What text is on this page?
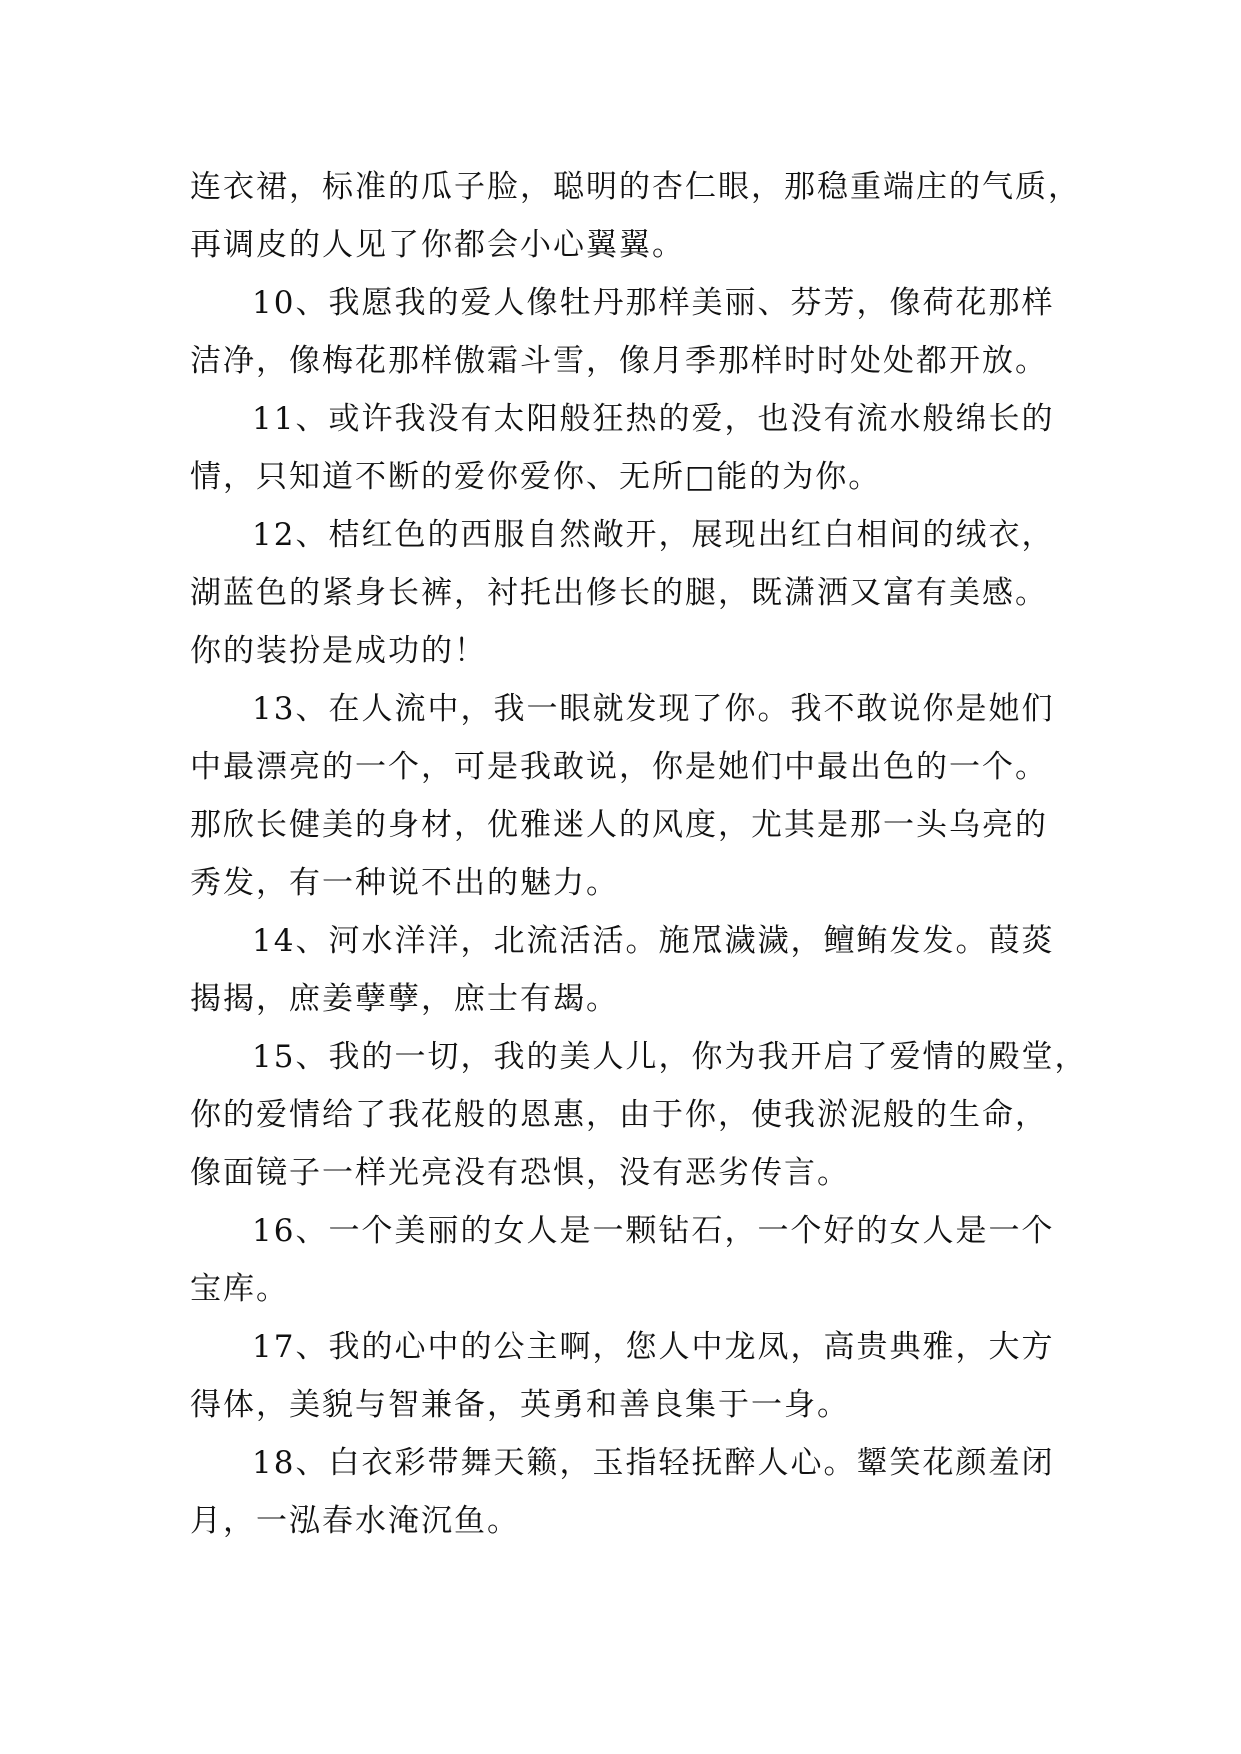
连衣裙，标准的瓜子脸，聪明的杏仁眼，那稳重端庄的气质，
再调皮的人见了你都会小心翼翼。
10、我愿我的爱人像牡丹那样美丽、芬芳，像荷花那样
洁净，像梅花那样傲霜斗雪，像月季那样时时处处都开放。
11、或许我没有太阳般狂热的爱，也没有流水般绵长的
情，只知道不断的爱你爱你、无所□能的为你。
12、桔红色的西服自然敞开，展现出红白相间的绒衣，
湖蓝色的紧身长裤，衬托出修长的腿，既潇洒又富有美感。
你的装扮是成功的！
13、在人流中，我一眼就发现了你。我不敢说你是她们
中最漂亮的一个，可是我敢说，你是她们中最出色的一个。
那欣长健美的身材，优雅迷人的风度，尤其是那一头乌亮的
秀发，有一种说不出的魅力。
14、河水洋洋，北流活活。施罛濊濊，鳣鲔发发。葭菼
揭揭，庶姜孽孽，庶士有朅。
15、我的一切，我的美人儿，你为我开启了爱情的殿堂，
你的爱情给了我花般的恩惠，由于你，使我淤泥般的生命，
像面镜子一样光亮没有恐惧，没有恶劣传言。
16、一个美丽的女人是一颗钻石，一个好的女人是一个
宝库。
17、我的心中的公主啊，您人中龙凤，高贵典雅，大方
得体，美貌与智兼备，英勇和善良集于一身。
18、白衣彩带舞天籁，玉指轻抚醉人心。颦笑花颜羞闭
月，一泓春水淹沉鱼。
